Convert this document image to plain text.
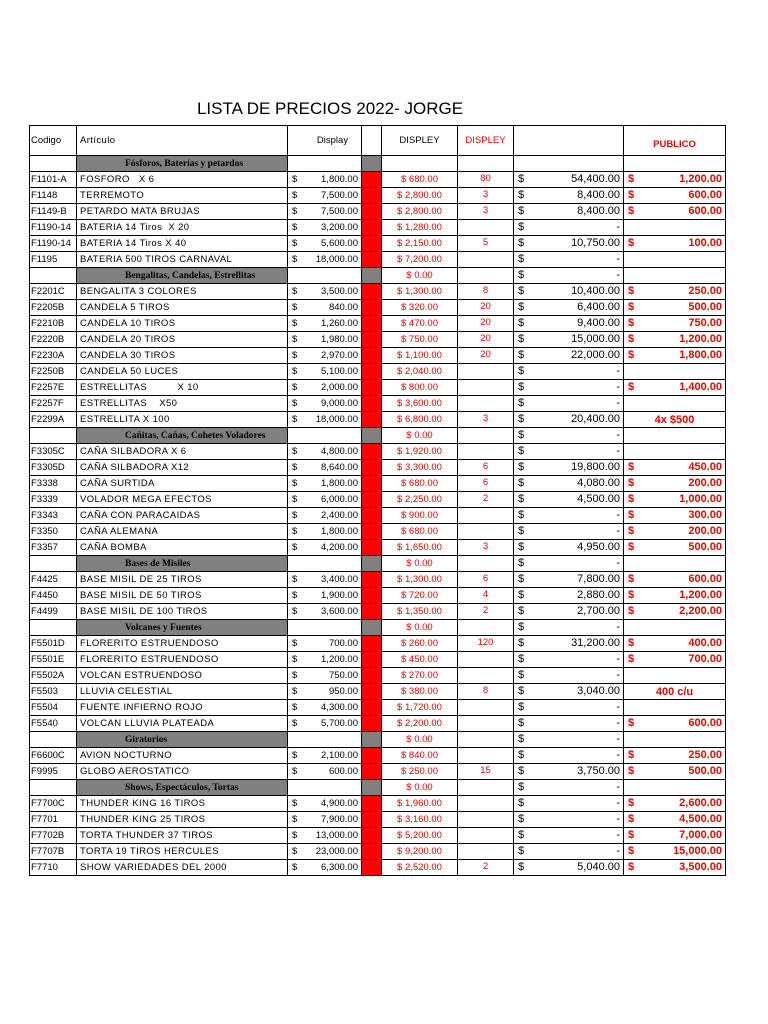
LISTA DE PRECIOS 2022- JORGE
Codigo	Artículo	Display		DISPLEY	DISPLEY		PUBLICO
	Fósforos, Baterías y petardos						
F1101-A	FOSFORO   X 6	$ 1,800.00		$ 680.00	80	$ 54,400.00	$ 1,200.00

F1148	TERREMOTO	$ 7,500.00		$ 2,800.00	3	$ 8,400.00	$ 600.00

F1149-B	PETARDO MATA BRUJAS	$ 7,500.00		$ 2,800.00	3	$ 8,400.00	$ 600.00

F1190-14	BATERIA 14 Tiros  X 20	$ 3,200.00		$ 1,280.00		$ -	

F1190-14	BATERIA 14 Tiros X 40	$ 5,600.00		$ 2,150.00	5	$ 10,750.00	$ 100.00

F1195	BATERIA 500 TIROS CARNAVAL	$ 18,000.00		$ 7,200.00		$ -	

	Bengalitas, Candelas, Estrellitas			$ 0.00		$ -	

F2201C	BENGALITA 3 COLORES	$ 3,500.00		$ 1,300.00	8	$ 10,400.00	$ 250.00

F2205B	CANDELA 5 TIROS	$ 840.00		$ 320.00	20	$ 6,400.00	$ 500.00

F2210B	CANDELA 10 TIROS	$ 1,260.00		$ 470.00	20	$ 9,400.00	$ 750.00

F2220B	CANDELA 20 TIROS	$ 1,980.00		$ 750.00	20	$ 15,000.00	$ 1,200.00

F2230A	CANDELA 30 TIROS	$ 2,970.00		$ 1,100.00	20	$ 22,000.00	$ 1,800.00

F2250B	CANDELA 50 LUCES	$ 5,100.00		$ 2,040.00		$ -	

F2257E	ESTRELLITAS          X 10	$ 2,000.00		$ 800.00		$ -	$ 1,400.00

F2257F	ESTRELLITAS    X50	$ 9,000.00		$ 3,600.00		$ -	

F2299A	ESTRELLITA X 100	$ 18,000.00		$ 6,800.00	3	$ 20,400.00	4x $500

	Cañitas, Cañas, Cohetes Voladores			$ 0.00		$ -	

F3305C	CAÑA SILBADORA X 6	$ 4,800.00		$ 1,920.00		$ -	

F3305D	CAÑA SILBADORA X12	$ 8,640.00		$ 3,300.00	6	$ 19,800.00	$ 450.00

F3338	CAÑA SURTIDA	$ 1,800.00		$ 680.00	6	$ 4,080.00	$ 200.00

F3339	VOLADOR MEGA EFECTOS	$ 6,000.00		$ 2,250.00	2	$ 4,500.00	$ 1,000.00

F3343	CAÑA CON PARACAIDAS	$ 2,400.00		$ 900.00		$ -	$ 300.00

F3350	CAÑA ALEMANA	$ 1,800.00		$ 680.00		$ -	$ 200.00

F3357	CAÑA BOMBA	$ 4,200.00		$ 1,650.00	3	$ 4,950.00	$ 500.00

	Bases de Misiles			$ 0.00		$ -	

F4425	BASE MISIL DE 25 TIROS	$ 3,400.00		$ 1,300.00	6	$ 7,800.00	$ 600.00

F4450	BASE MISIL DE 50 TIROS	$ 1,900.00		$ 720.00	4	$ 2,880.00	$ 1,200.00

F4499	BASE MISIL DE 100 TIROS	$ 3,600.00		$ 1,350.00	2	$ 2,700.00	$ 2,200.00

	Volcanes y Fuentes			$ 0.00		$ -	

F5501D	FLORERITO ESTRUENDOSO	$ 700.00		$ 260.00	120	$ 31,200.00	$ 400.00

F5501E	FLORERITO ESTRUENDOSO	$ 1,200.00		$ 450.00		$ -	$ 700.00

F5502A	VOLCAN ESTRUENDOSO	$ 750.00		$ 270.00		$ -	

F5503	LLUVIA CELESTIAL	$ 950.00		$ 380.00	8	$ 3,040.00	400 c/u

F5504	FUENTE INFIERNO ROJO	$ 4,300.00		$ 1,720.00		$ -	

F5540	VOLCAN LLUVIA PLATEADA	$ 5,700.00		$ 2,200.00		$ -	$ 600.00

	Giratorios			$ 0.00		$ -	

F6600C	AVION NOCTURNO	$ 2,100.00		$ 840.00		$ -	$ 250.00

F9995	GLOBO AEROSTATICO	$ 600.00		$ 250.00	15	$ 3,750.00	$ 500.00

	Shows, Espectáculos, Tortas			$ 0.00		$ -	

F7700C	THUNDER KING 16 TIROS	$ 4,900.00		$ 1,960.00		$ -	$ 2,600.00

F7701	THUNDER KING 25 TIROS	$ 7,900.00		$ 3,160.00		$ -	$ 4,500.00

F7702B	TORTA THUNDER 37 TIROS	$ 13,000.00		$ 5,200.00		$ -	$ 7,000.00

F7707B	TORTA 19 TIROS HERCULES	$ 23,000.00		$ 9,200.00		$ -	$ 15,000.00

F7710	SHOW VARIEDADES DEL 2000	$ 6,300.00		$ 2,520.00	2	$ 5,040.00	$ 3,500.00
